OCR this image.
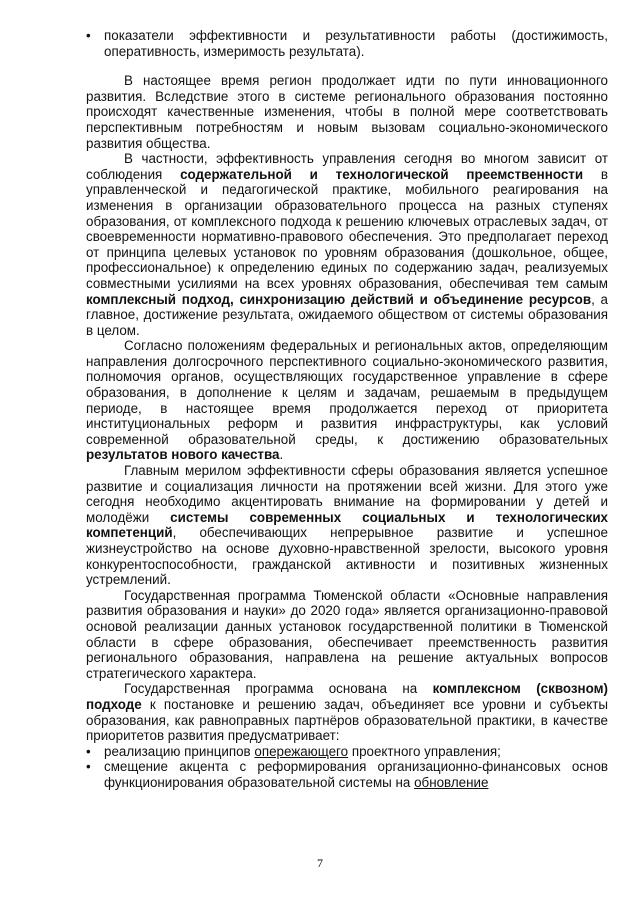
• показатели эффективности и результативности работы (достижимость, оперативность, измеримость результата).

В настоящее время регион продолжает идти по пути инновационного развития. Вследствие этого в системе регионального образования постоянно происходят качественные изменения, чтобы в полной мере соответствовать перспективным потребностям и новым вызовам социально-экономического развития общества.

В частности, эффективность управления сегодня во многом зависит от соблюдения содержательной и технологической преемственности в управленческой и педагогической практике, мобильного реагирования на изменения в организации образовательного процесса на разных ступенях образования, от комплексного подхода к решению ключевых отраслевых задач, от своевременности нормативно-правового обеспечения. Это предполагает переход от принципа целевых установок по уровням образования (дошкольное, общее, профессиональное) к определению единых по содержанию задач, реализуемых совместными усилиями на всех уровнях образования, обеспечивая тем самым комплексный подход, синхронизацию действий и объединение ресурсов, а главное, достижение результата, ожидаемого обществом от системы образования в целом.

Согласно положениям федеральных и региональных актов, определяющим направления долгосрочного перспективного социально-экономического развития, полномочия органов, осуществляющих государственное управление в сфере образования, в дополнение к целям и задачам, решаемым в предыдущем периоде, в настоящее время продолжается переход от приоритета институциональных реформ и развития инфраструктуры, как условий современной образовательной среды, к достижению образовательных результатов нового качества.

Главным мерилом эффективности сферы образования является успешное развитие и социализация личности на протяжении всей жизни. Для этого уже сегодня необходимо акцентировать внимание на формировании у детей и молодёжи системы современных социальных и технологических компетенций, обеспечивающих непрерывное развитие и успешное жизнеустройство на основе духовно-нравственной зрелости, высокого уровня конкурентоспособности, гражданской активности и позитивных жизненных устремлений.

Государственная программа Тюменской области «Основные направления развития образования и науки» до 2020 года» является организационно-правовой основой реализации данных установок государственной политики в Тюменской области в сфере образования, обеспечивает преемственность развития регионального образования, направлена на решение актуальных вопросов стратегического характера.

Государственная программа основана на комплексном (сквозном) подходе к постановке и решению задач, объединяет все уровни и субъекты образования, как равноправных партнёров образовательной практики, в качестве приоритетов развития предусматривает:

• реализацию принципов опережающего проектного управления;
• смещение акцента с реформирования организационно-финансовых основ функционирования образовательной системы на обновление
7
